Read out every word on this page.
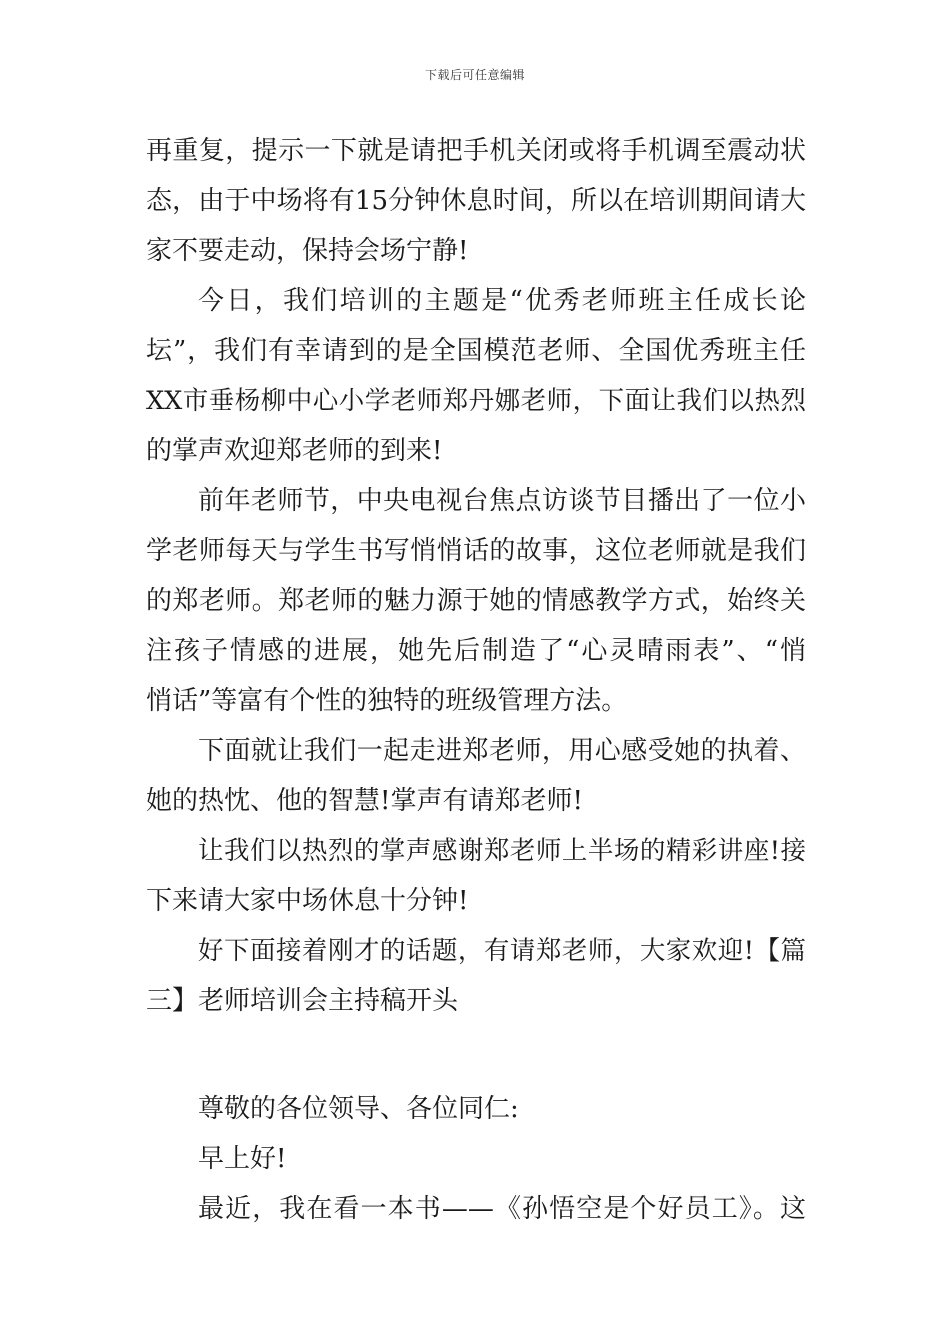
下载后可任意编辑
再重复，提示一下就是请把手机关闭或将手机调至震动状
态，由于中场将有15分钟休息时间，所以在培训期间请大
家不要走动，保持会场宁静!
今日，我们培训的主题是“优秀老师班主任成长论
坛”，我们有幸请到的是全国模范老师、全国优秀班主任
XX市垂杨柳中心小学老师郑丹娜老师，下面让我们以热烈
的掌声欢迎郑老师的到来!
前年老师节，中央电视台焦点访谈节目播出了一位小
学老师每天与学生书写悄悄话的故事，这位老师就是我们
的郑老师。郑老师的魅力源于她的情感教学方式，始终关
注孩子情感的进展，她先后制造了“心灵晴雨表”、“悄
悄话”等富有个性的独特的班级管理方法。
下面就让我们一起走进郑老师，用心感受她的执着、
她的热忱、他的智慧!掌声有请郑老师!
让我们以热烈的掌声感谢郑老师上半场的精彩讲座!接
下来请大家中场休息十分钟!
好下面接着刚才的话题，有请郑老师，大家欢迎!【篇
三】老师培训会主持稿开头
尊敬的各位领导、各位同仁:
早上好!
最近，我在看一本书——《孙悟空是个好员工》。这
